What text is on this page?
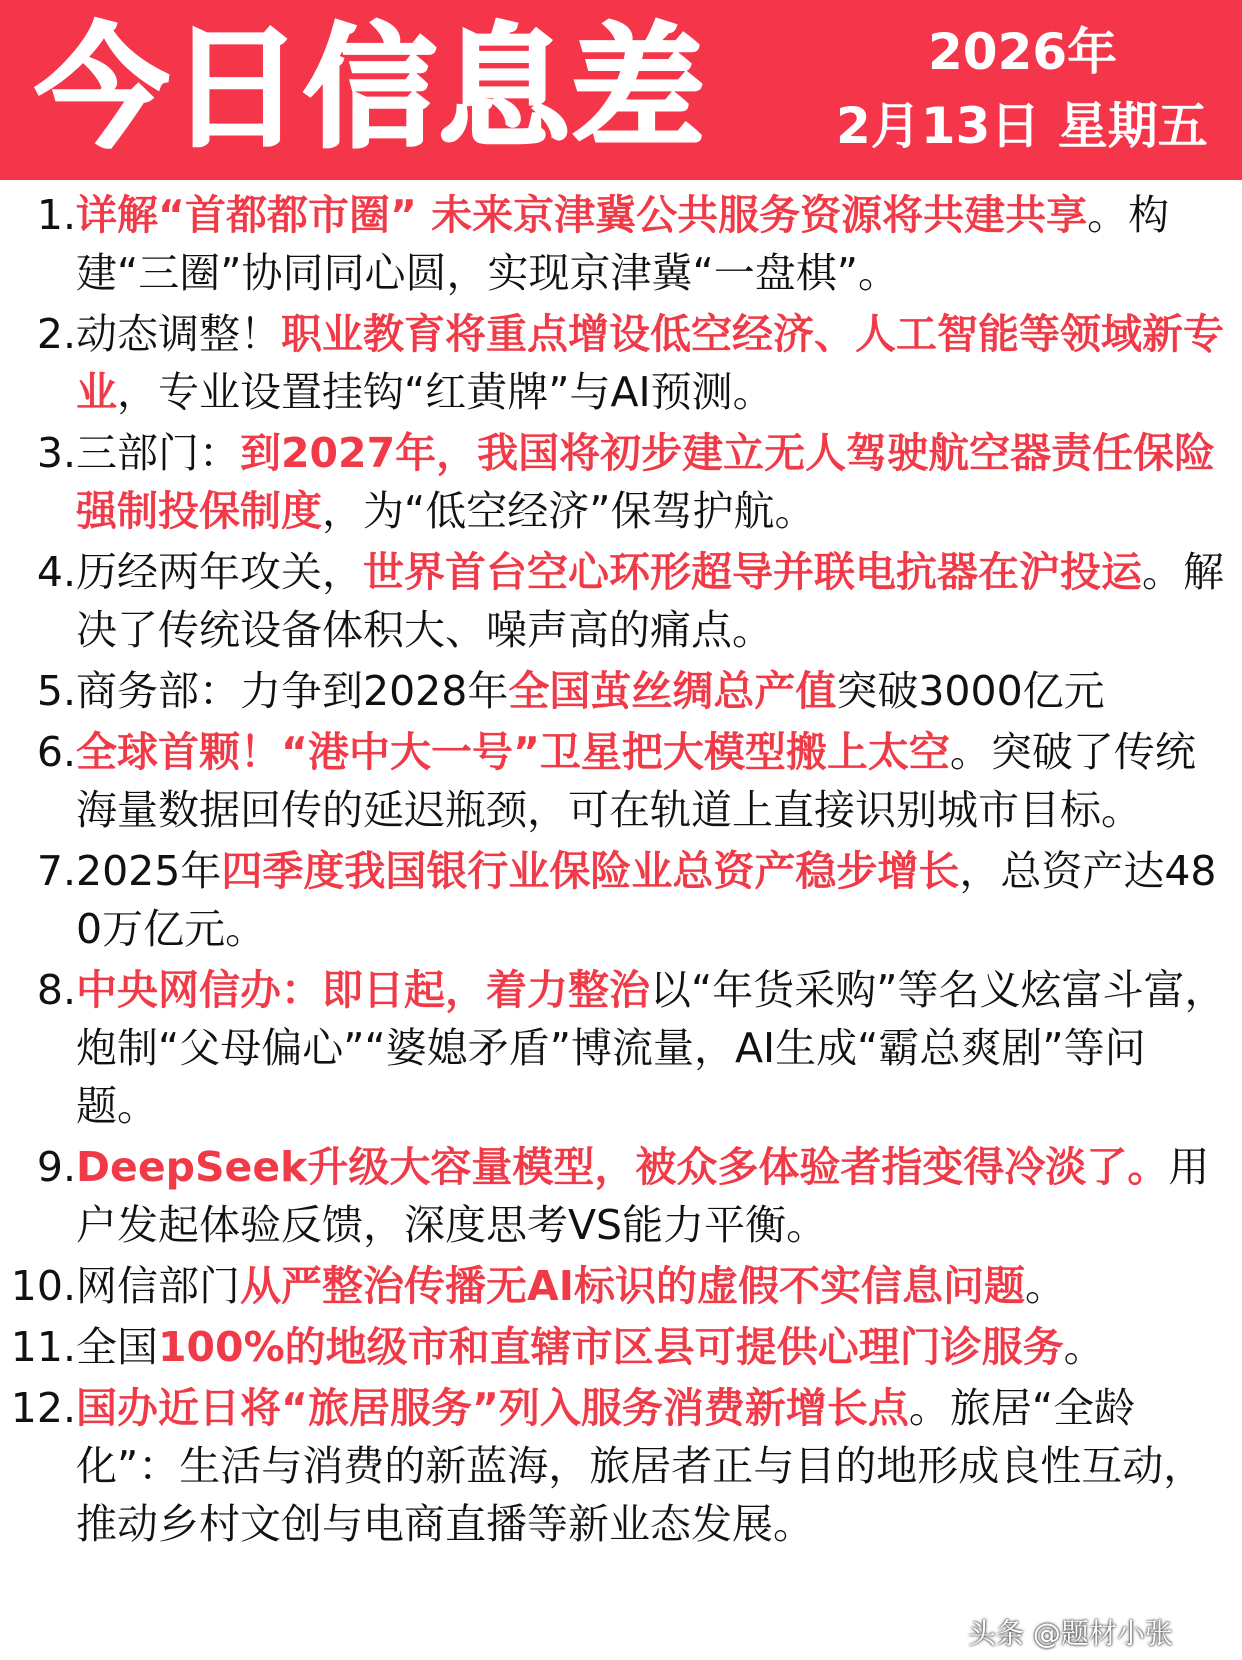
今日信息差	2026年
2月13日 星期五
1. 详解“首都都市圈” 未来京津冀公共服务资源将共建共享。构建“三圈”协同同心圆，实现京津冀“一盘棋”。
2. 动态调整！职业教育将重点增设低空经济、人工智能等领域新专业，专业设置挂钩“红黄牌”与AI预测。
3. 三部门：到2027年，我国将初步建立无人驾驶航空器责任保险强制投保制度，为“低空经济”保驾护航。
4. 历经两年攻关，世界首台空心环形超导并联电抗器在沪投运。解决了传统设备体积大、噪声高的痛点。
5. 商务部：力争到2028年全国茧丝绸总产值突破3000亿元
6. 全球首颗！“港中大一号”卫星把大模型搬上太空。突破了传统海量数据回传的延迟瓶颈，可在轨道上直接识别城市目标。
7. 2025年四季度我国银行业保险业总资产稳步增长，总资产达480万亿元。
8. 中央网信办：即日起，着力整治以“年货采购”等名义炫富斗富，炮制“父母偏心”“婆媳矛盾”博流量，AI生成“霸总爽剧”等问题。
9. DeepSeek升级大容量模型，被众多体验者指变得冷淡了。用户发起体验反馈，深度思考VS能力平衡。
10. 网信部门从严整治传播无AI标识的虚假不实信息问题。
11. 全国100%的地级市和直辖市区县可提供心理门诊服务。
12. 国办近日将“旅居服务”列入服务消费新增长点。旅居“全龄化”：生活与消费的新蓝海，旅居者正与目的地形成良性互动，推动乡村文创与电商直播等新业态发展。
头条 @题材小张
